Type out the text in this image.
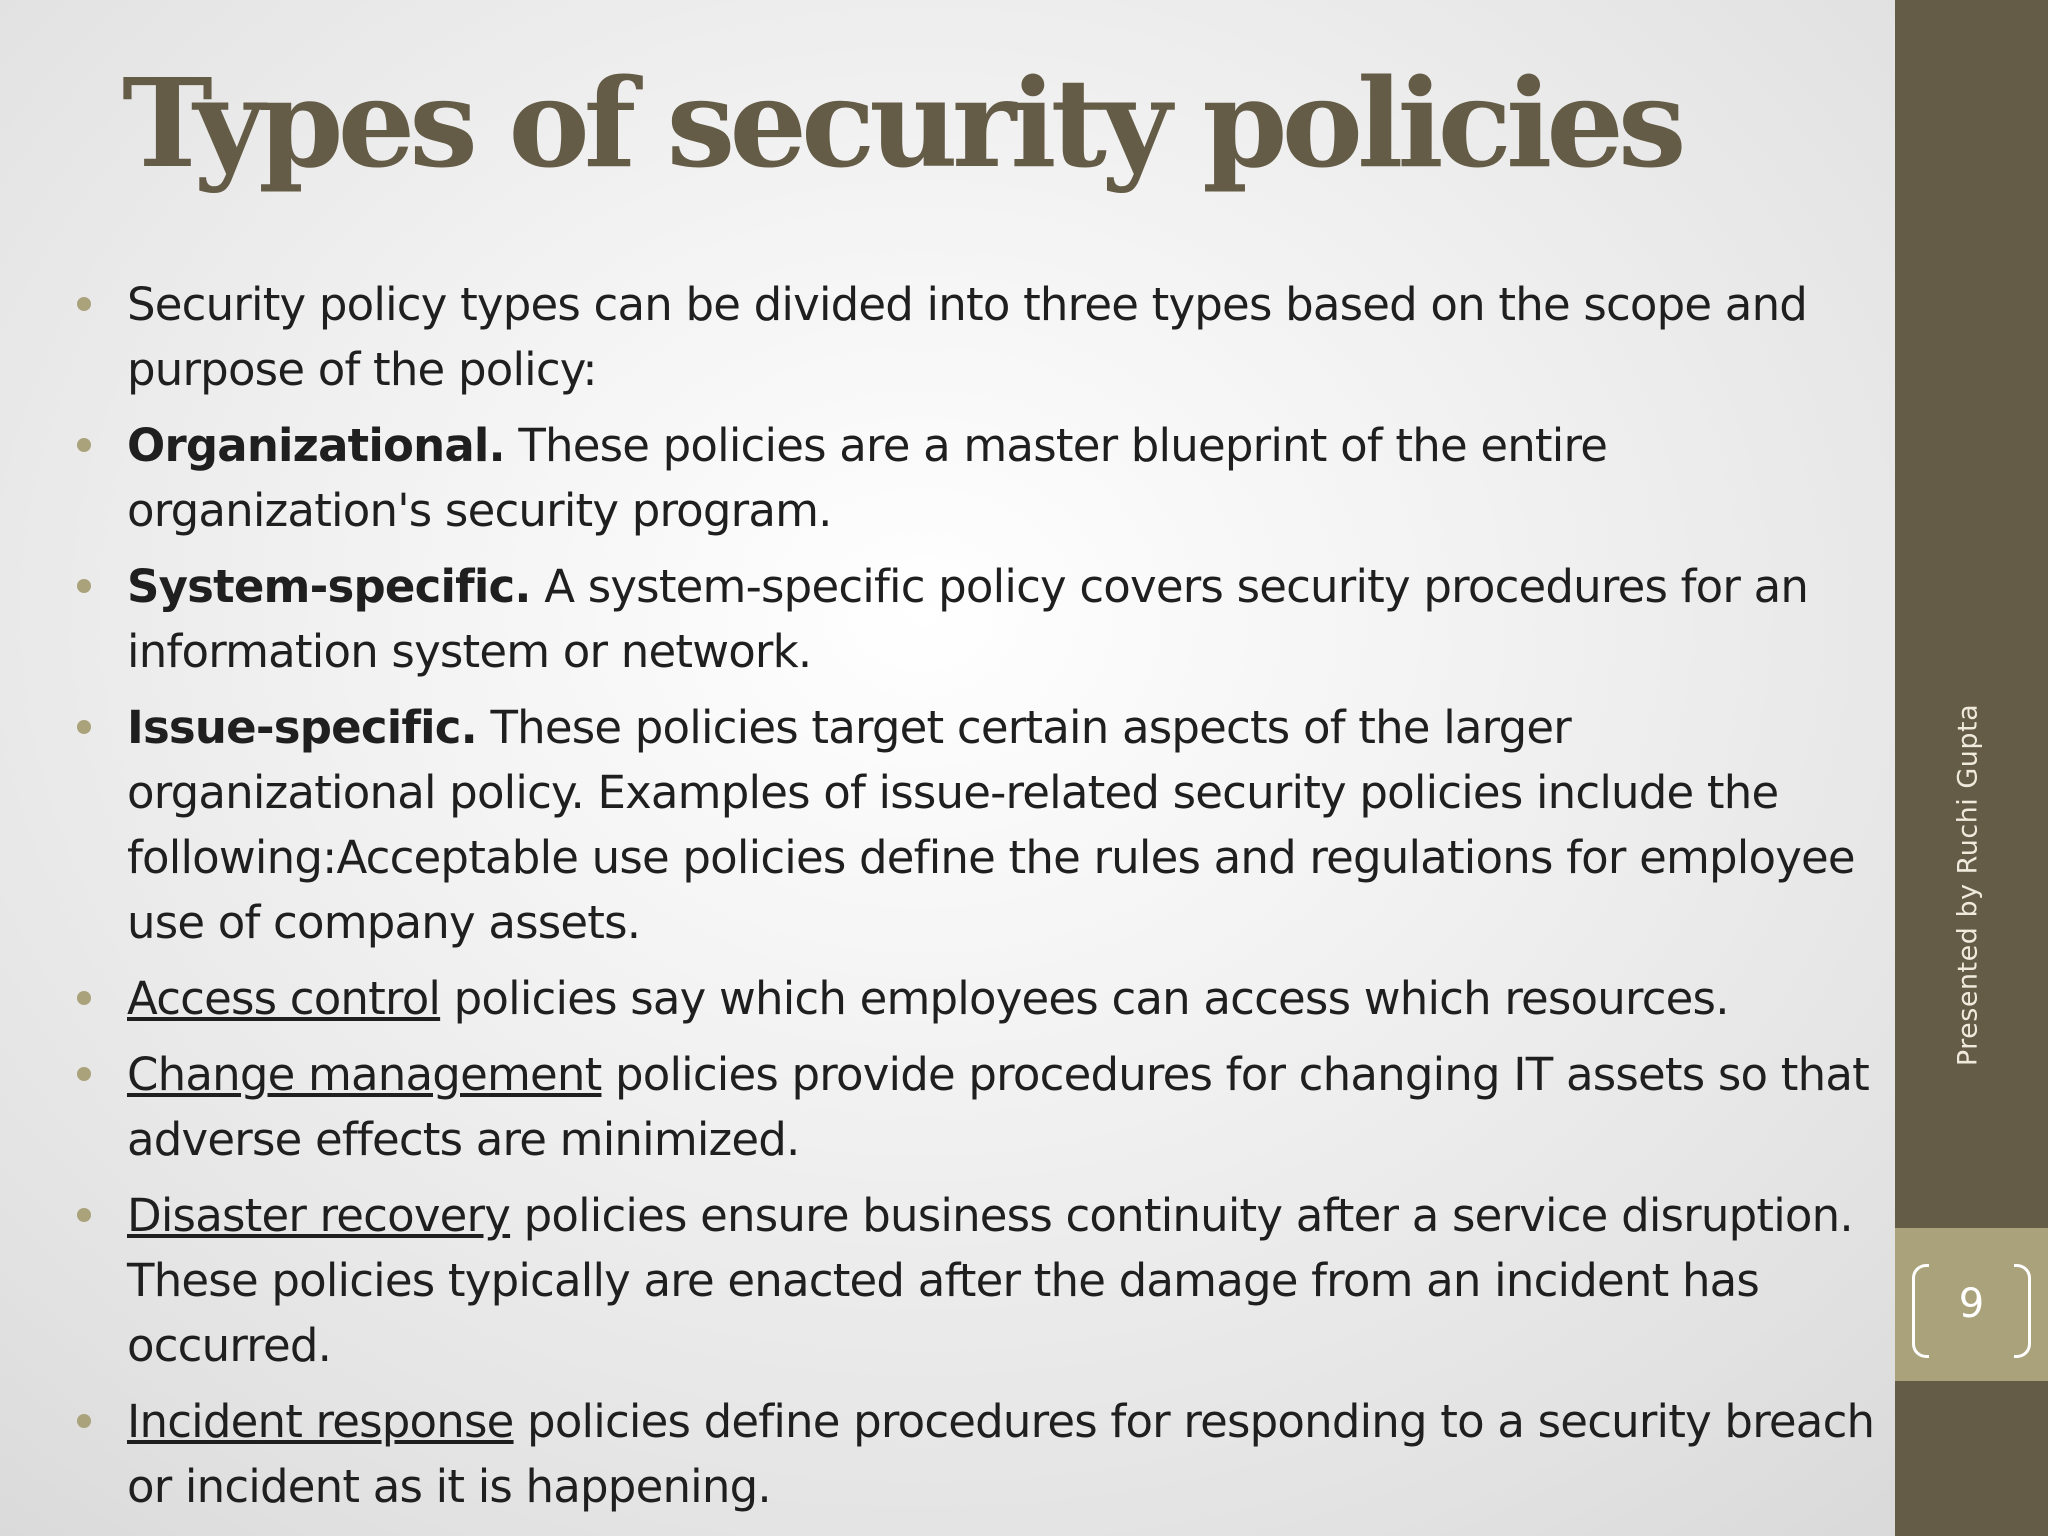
Types of security policies
Security policy types can be divided into three types based on the scope and purpose of the policy:
Organizational. These policies are a master blueprint of the entire organization's security program.
System-specific. A system-specific policy covers security procedures for an information system or network.
Issue-specific. These policies target certain aspects of the larger organizational policy. Examples of issue-related security policies include the following:Acceptable use policies define the rules and regulations for employee use of company assets.
Access control policies say which employees can access which resources.
Change management policies provide procedures for changing IT assets so that adverse effects are minimized.
Disaster recovery policies ensure business continuity after a service disruption. These policies typically are enacted after the damage from an incident has occurred.
Incident response policies define procedures for responding to a security breach or incident as it is happening.
Presented by Ruchi Gupta
9
